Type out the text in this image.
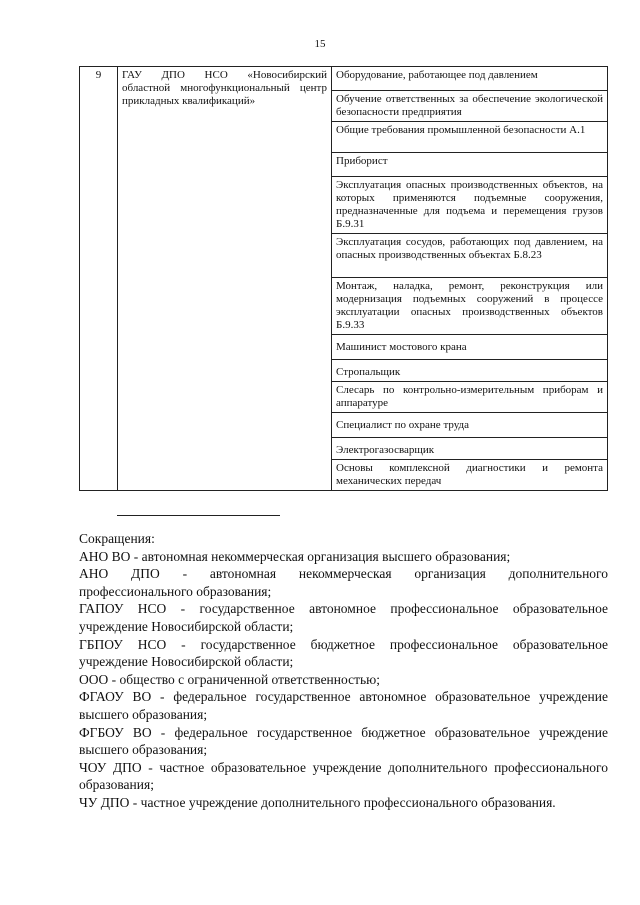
15
9	ГАУ ДПО НСО «Новосибирский областной многофункциональный центр прикладных квалификаций»	Оборудование, работающее под давлением
Обучение ответственных за обеспечение экологической безопасности предприятия
Общие требования промышленной безопасности А.1
Приборист
Эксплуатация опасных производственных объектов, на которых применяются подъемные сооружения, предназначенные для подъема и перемещения грузов Б.9.31
Эксплуатация сосудов, работающих под давлением, на опасных производственных объектах Б.8.23
Монтаж, наладка, ремонт, реконструкция или модернизация подъемных сооружений в процессе эксплуатации опасных производственных объектов Б.9.33
Машинист мостового крана
Стропальщик
Слесарь по контрольно-измерительным приборам и аппаратуре
Специалист по охране труда
Электрогазосварщик
Основы комплексной диагностики и ремонта механических передач

Сокращения:

АНО ВО - автономная некоммерческая организация высшего образования;

АНО ДПО - автономная некоммерческая организация дополнительного профессионального образования;

ГАПОУ НСО - государственное автономное профессиональное образовательное учреждение Новосибирской области;

ГБПОУ НСО - государственное бюджетное профессиональное образовательное учреждение Новосибирской области;

ООО - общество с ограниченной ответственностью;

ФГАОУ ВО - федеральное государственное автономное образовательное учреждение высшего образования;

ФГБОУ ВО - федеральное государственное бюджетное образовательное учреждение высшего образования;

ЧОУ ДПО - частное образовательное учреждение дополнительного профессионального образования;

ЧУ ДПО - частное учреждение дополнительного профессионального образования.
